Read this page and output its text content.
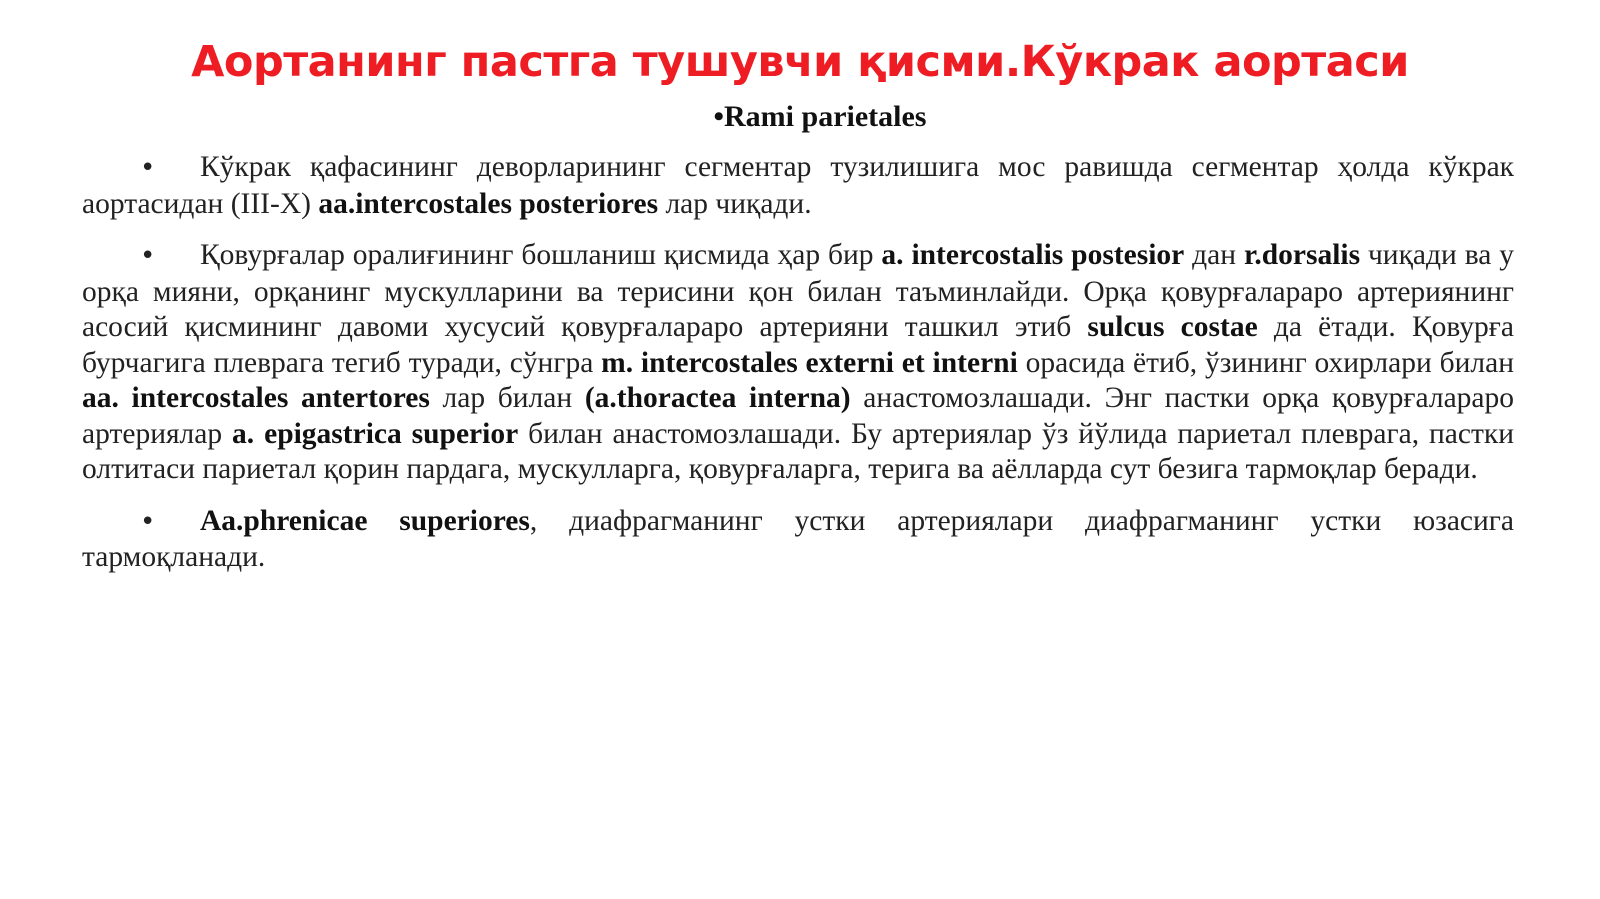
Аортанинг пастга тушувчи қисми.Кўкрак аортаси

•Rami parietales

• Кўкрак қафасининг деворларининг сегментар тузилишига мос равишда сегментар ҳолда кўкрак аортасидан (III-X) aa.intercostales posteriores лар чиқади.

• Қовурғалар оралиғининг бошланиш қисмида ҳар бир a. intercostalis postesior дан r.dorsalis чиқади ва у орқа мияни, орқанинг мускулларини ва терисини қон билан таъминлайди. Орқа қовурғалараро артериянинг асосий қисмининг давоми хусусий қовурғалараро артерияни ташкил этиб sulcus costae да ётади. Қовурға бурчагига плеврага тегиб туради, сўнгра m. intercostales externi et interni орасида ётиб, ўзининг охирлари билан aa. intercostales antertores лар билан (a.thoractea interna) анастомозлашади. Энг пастки орқа қовурғалараро артериялар a. epigastrica superior билан анастомозлашади. Бу артериялар ўз йўлида париетал плеврага, пастки олтитаси париетал қорин пардага, мускулларга, қовурғаларга, терига ва аёлларда сут безига тармоқлар беради.

• Aa.phrenicae superiores, диафрагманинг устки артериялари диафрагманинг устки юзасига тармоқланади.
